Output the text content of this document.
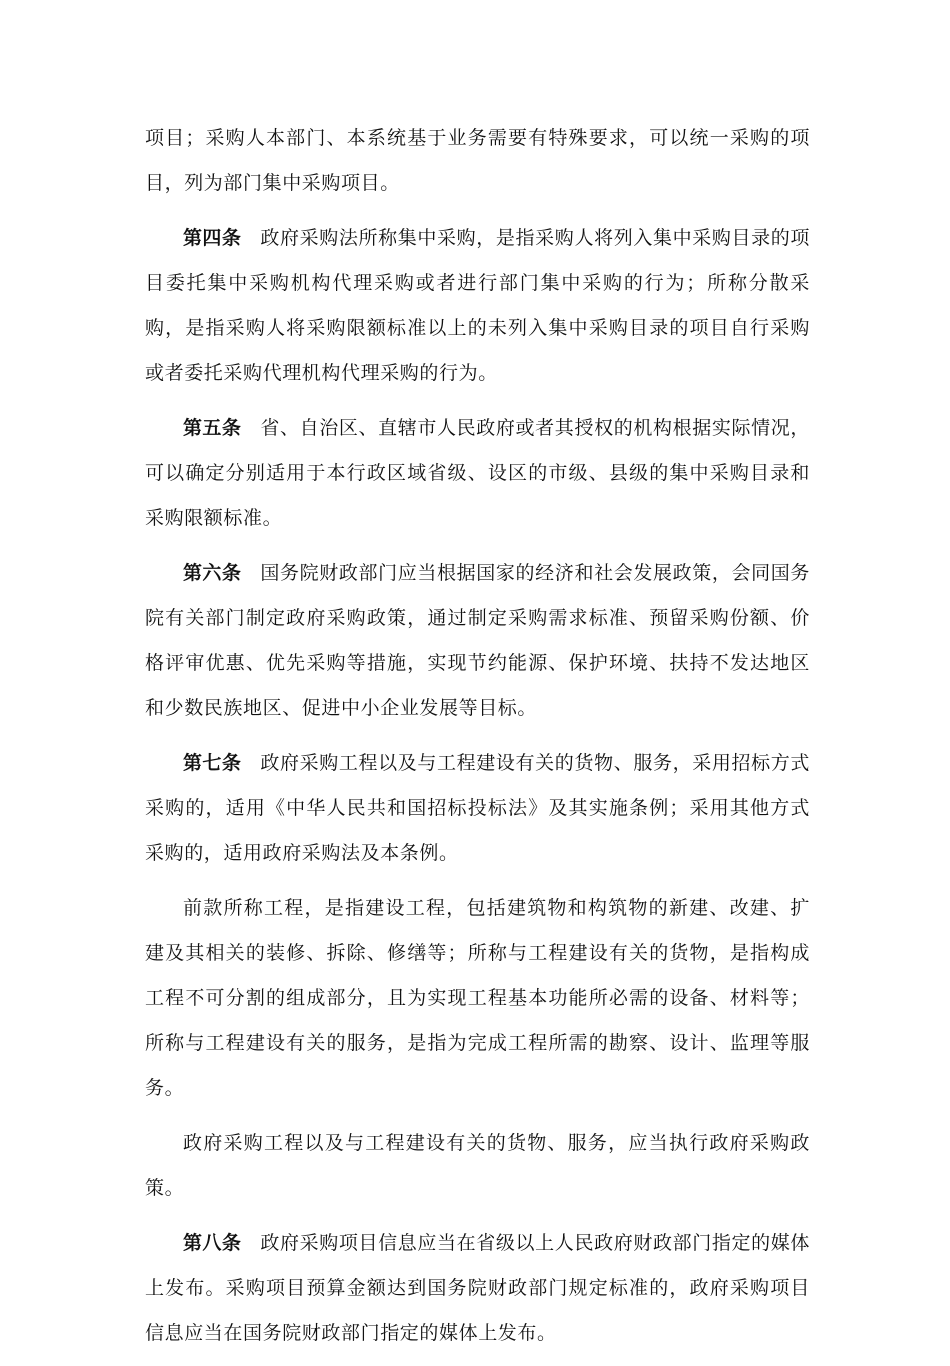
项目；采购人本部门、本系统基于业务需要有特殊要求，可以统一采购的项目，列为部门集中采购项目。

第四条 政府采购法所称集中采购，是指采购人将列入集中采购目录的项目委托集中采购机构代理采购或者进行部门集中采购的行为；所称分散采购，是指采购人将采购限额标准以上的未列入集中采购目录的项目自行采购或者委托采购代理机构代理采购的行为。

第五条 省、自治区、直辖市人民政府或者其授权的机构根据实际情况，可以确定分别适用于本行政区域省级、设区的市级、县级的集中采购目录和采购限额标准。

第六条 国务院财政部门应当根据国家的经济和社会发展政策，会同国务院有关部门制定政府采购政策，通过制定采购需求标准、预留采购份额、价格评审优惠、优先采购等措施，实现节约能源、保护环境、扶持不发达地区和少数民族地区、促进中小企业发展等目标。

第七条 政府采购工程以及与工程建设有关的货物、服务，采用招标方式采购的，适用《中华人民共和国招标投标法》及其实施条例；采用其他方式采购的，适用政府采购法及本条例。

前款所称工程，是指建设工程，包括建筑物和构筑物的新建、改建、扩建及其相关的装修、拆除、修缮等；所称与工程建设有关的货物，是指构成工程不可分割的组成部分，且为实现工程基本功能所必需的设备、材料等；所称与工程建设有关的服务，是指为完成工程所需的勘察、设计、监理等服务。

政府采购工程以及与工程建设有关的货物、服务，应当执行政府采购政策。

第八条 政府采购项目信息应当在省级以上人民政府财政部门指定的媒体上发布。采购项目预算金额达到国务院财政部门规定标准的，政府采购项目信息应当在国务院财政部门指定的媒体上发布。
